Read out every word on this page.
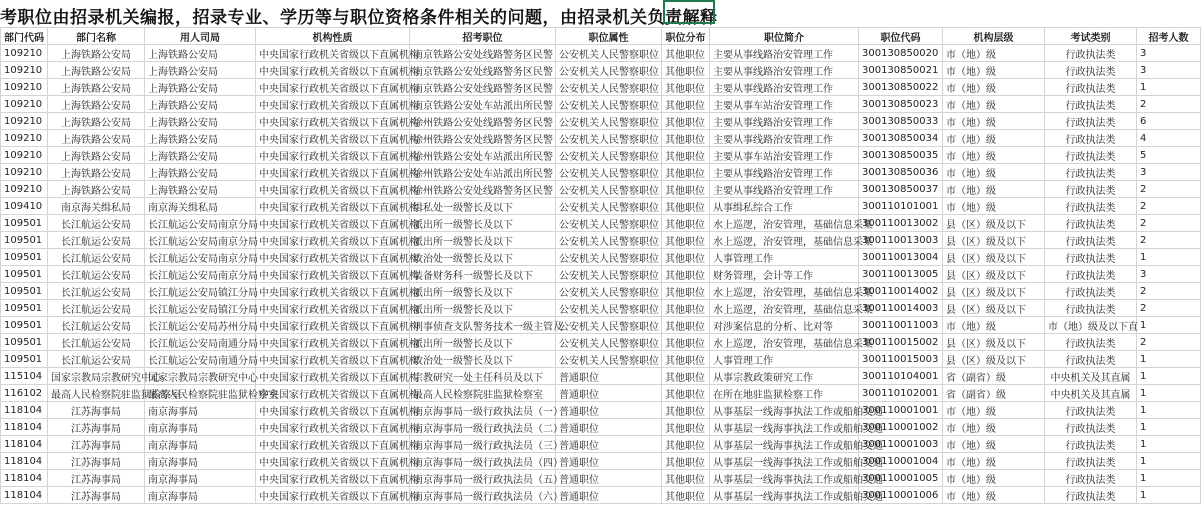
考职位由招录机关编报，招录专业、学历等与职位资格条件相关的问题，由招录机关负责解释
部门代码	部门名称	用人司局	机构性质	招考职位	职位属性	职位分布	职位简介	职位代码	机构层级	考试类别	招考人数
109210	上海铁路公安局	上海铁路公安局	中央国家行政机关省级以下直属机构	南京铁路公安处线路警务区民警	公安机关人民警察职位	其他职位	主要从事线路治安管理工作	300130850020	市（地）级	行政执法类	3
109210	上海铁路公安局	上海铁路公安局	中央国家行政机关省级以下直属机构	南京铁路公安处线路警务区民警	公安机关人民警察职位	其他职位	主要从事线路治安管理工作	300130850021	市（地）级	行政执法类	3
109210	上海铁路公安局	上海铁路公安局	中央国家行政机关省级以下直属机构	南京铁路公安处线路警务区民警	公安机关人民警察职位	其他职位	主要从事线路治安管理工作	300130850022	市（地）级	行政执法类	1
109210	上海铁路公安局	上海铁路公安局	中央国家行政机关省级以下直属机构	南京铁路公安处车站派出所民警	公安机关人民警察职位	其他职位	主要从事车站治安管理工作	300130850023	市（地）级	行政执法类	2
109210	上海铁路公安局	上海铁路公安局	中央国家行政机关省级以下直属机构	徐州铁路公安处线路警务区民警	公安机关人民警察职位	其他职位	主要从事线路治安管理工作	300130850033	市（地）级	行政执法类	6
109210	上海铁路公安局	上海铁路公安局	中央国家行政机关省级以下直属机构	徐州铁路公安处线路警务区民警	公安机关人民警察职位	其他职位	主要从事线路治安管理工作	300130850034	市（地）级	行政执法类	4
109210	上海铁路公安局	上海铁路公安局	中央国家行政机关省级以下直属机构	徐州铁路公安处车站派出所民警	公安机关人民警察职位	其他职位	主要从事车站治安管理工作	300130850035	市（地）级	行政执法类	5
109210	上海铁路公安局	上海铁路公安局	中央国家行政机关省级以下直属机构	徐州铁路公安处车站派出所民警	公安机关人民警察职位	其他职位	主要从事线路治安管理工作	300130850036	市（地）级	行政执法类	3
109210	上海铁路公安局	上海铁路公安局	中央国家行政机关省级以下直属机构	徐州铁路公安处线路警务区民警	公安机关人民警察职位	其他职位	主要从事线路治安管理工作	300130850037	市（地）级	行政执法类	2
109410	南京海关缉私局	南京海关缉私局	中央国家行政机关省级以下直属机构	缉私处一级警长及以下	公安机关人民警察职位	其他职位	从事缉私综合工作	300110101001	市（地）级	行政执法类	2
109501	长江航运公安局	长江航运公安局南京分局	中央国家行政机关省级以下直属机构	派出所一级警长及以下	公安机关人民警察职位	其他职位	水上巡逻，治安管理，基础信息采集	300110013002	县（区）级及以下	行政执法类	2
109501	长江航运公安局	长江航运公安局南京分局	中央国家行政机关省级以下直属机构	派出所一级警长及以下	公安机关人民警察职位	其他职位	水上巡逻，治安管理，基础信息采集	300110013003	县（区）级及以下	行政执法类	2
109501	长江航运公安局	长江航运公安局南京分局	中央国家行政机关省级以下直属机构	政治处一级警长及以下	公安机关人民警察职位	其他职位	人事管理工作	300110013004	县（区）级及以下	行政执法类	1
109501	长江航运公安局	长江航运公安局南京分局	中央国家行政机关省级以下直属机构	装备财务科一级警长及以下	公安机关人民警察职位	其他职位	财务管理，会计等工作	300110013005	县（区）级及以下	行政执法类	3
109501	长江航运公安局	长江航运公安局镇江分局	中央国家行政机关省级以下直属机构	派出所一级警长及以下	公安机关人民警察职位	其他职位	水上巡逻，治安管理，基础信息采集	300110014002	县（区）级及以下	行政执法类	2
109501	长江航运公安局	长江航运公安局镇江分局	中央国家行政机关省级以下直属机构	派出所一级警长及以下	公安机关人民警察职位	其他职位	水上巡逻，治安管理，基础信息采集	300110014003	县（区）级及以下	行政执法类	2
109501	长江航运公安局	长江航运公安局苏州分局	中央国家行政机关省级以下直属机构	刑事侦查支队警务技术一级主管及	公安机关人民警察职位	其他职位	对涉案信息的分析、比对等	300110011003	市（地）级	市（地）级及以下直	1
109501	长江航运公安局	长江航运公安局南通分局	中央国家行政机关省级以下直属机构	派出所一级警长及以下	公安机关人民警察职位	其他职位	水上巡逻，治安管理，基础信息采集	300110015002	县（区）级及以下	行政执法类	2
109501	长江航运公安局	长江航运公安局南通分局	中央国家行政机关省级以下直属机构	政治处一级警长及以下	公安机关人民警察职位	其他职位	人事管理工作	300110015003	县（区）级及以下	行政执法类	1
115104	国家宗教局宗教研究中心	国家宗教局宗教研究中心	中央国家行政机关省级以下直属机构	宗教研究一处主任科员及以下	普通职位	其他职位	从事宗教政策研究工作	300110104001	省（副省）级	中央机关及其直属	1
116102	最高人民检察院驻监狱检察室	最高人民检察院驻监狱检察室	中央国家行政机关省级以下直属机构	最高人民检察院驻监狱检察室	普通职位	其他职位	在所在地驻监狱检察工作	300110102001	省（副省）级	中央机关及其直属	1
118104	江苏海事局	南京海事局	中央国家行政机关省级以下直属机构	南京海事局一级行政执法员（一）	普通职位	其他职位	从事基层一线海事执法工作或船舶交通	300110001001	市（地）级	行政执法类	1
118104	江苏海事局	南京海事局	中央国家行政机关省级以下直属机构	南京海事局一级行政执法员（二）	普通职位	其他职位	从事基层一线海事执法工作或船舶交通	300110001002	市（地）级	行政执法类	1
118104	江苏海事局	南京海事局	中央国家行政机关省级以下直属机构	南京海事局一级行政执法员（三）	普通职位	其他职位	从事基层一线海事执法工作或船舶交通	300110001003	市（地）级	行政执法类	1
118104	江苏海事局	南京海事局	中央国家行政机关省级以下直属机构	南京海事局一级行政执法员（四）	普通职位	其他职位	从事基层一线海事执法工作或船舶交通	300110001004	市（地）级	行政执法类	1
118104	江苏海事局	南京海事局	中央国家行政机关省级以下直属机构	南京海事局一级行政执法员（五）	普通职位	其他职位	从事基层一线海事执法工作或船舶交通	300110001005	市（地）级	行政执法类	1
118104	江苏海事局	南京海事局	中央国家行政机关省级以下直属机构	南京海事局一级行政执法员（六）	普通职位	其他职位	从事基层一线海事执法工作或船舶交通	300110001006	市（地）级	行政执法类	1
